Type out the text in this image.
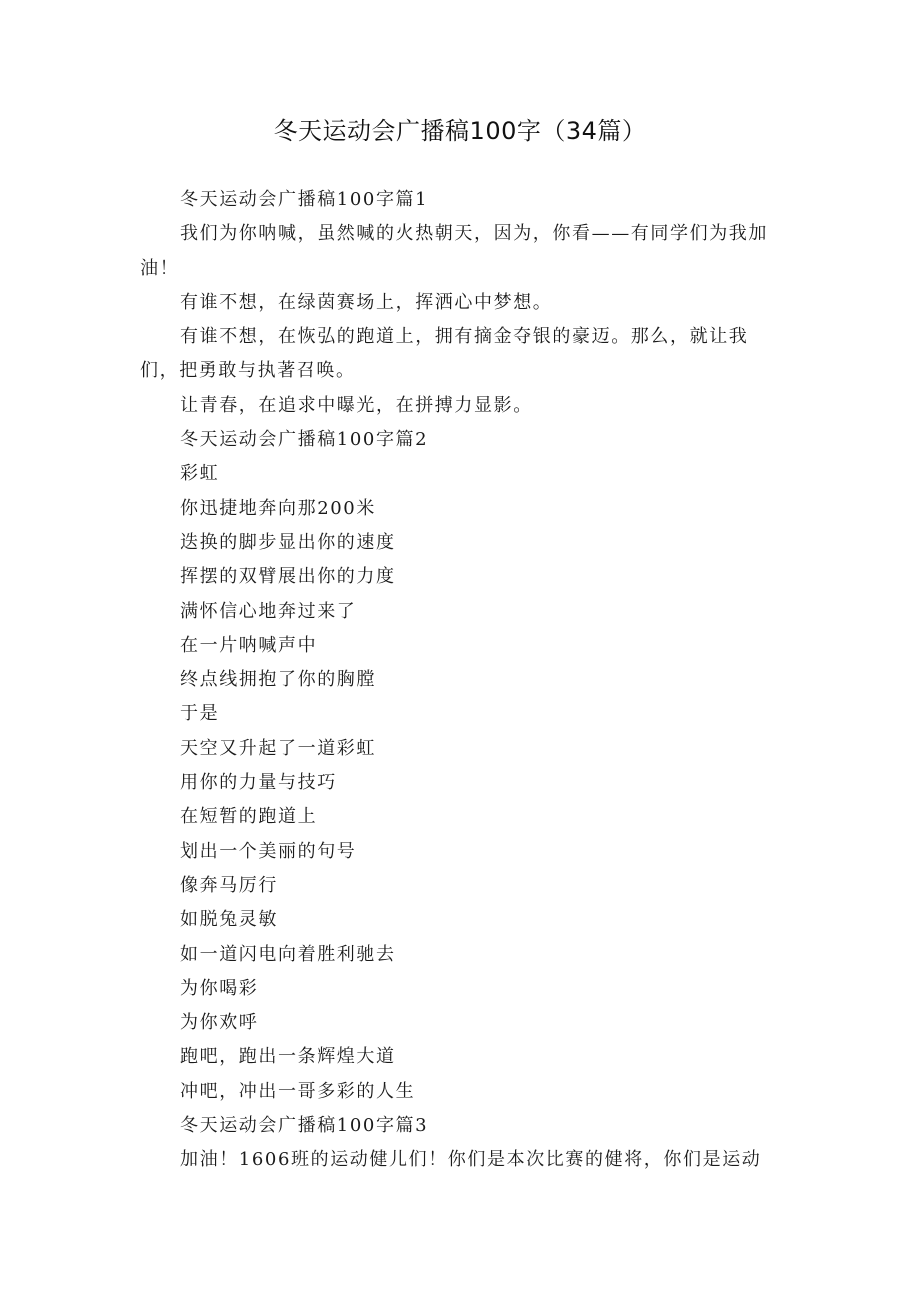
冬天运动会广播稿100字（34篇）

冬天运动会广播稿100字篇1

我们为你呐喊，虽然喊的火热朝天，因为，你看——有同学们为我加油！

有谁不想，在绿茵赛场上，挥洒心中梦想。

有谁不想，在恢弘的跑道上，拥有摘金夺银的豪迈。那么，就让我们，把勇敢与执著召唤。

让青春，在追求中曝光，在拼搏力显影。

冬天运动会广播稿100字篇2

彩虹

你迅捷地奔向那200米

迭换的脚步显出你的速度

挥摆的双臂展出你的力度

满怀信心地奔过来了

在一片呐喊声中

终点线拥抱了你的胸膛

于是

天空又升起了一道彩虹

用你的力量与技巧

在短暂的跑道上

划出一个美丽的句号

像奔马厉行

如脱兔灵敏

如一道闪电向着胜利驰去

为你喝彩

为你欢呼

跑吧，跑出一条辉煌大道

冲吧，冲出一哥多彩的人生

冬天运动会广播稿100字篇3

加油！1606班的运动健儿们！你们是本次比赛的健将，你们是运动
